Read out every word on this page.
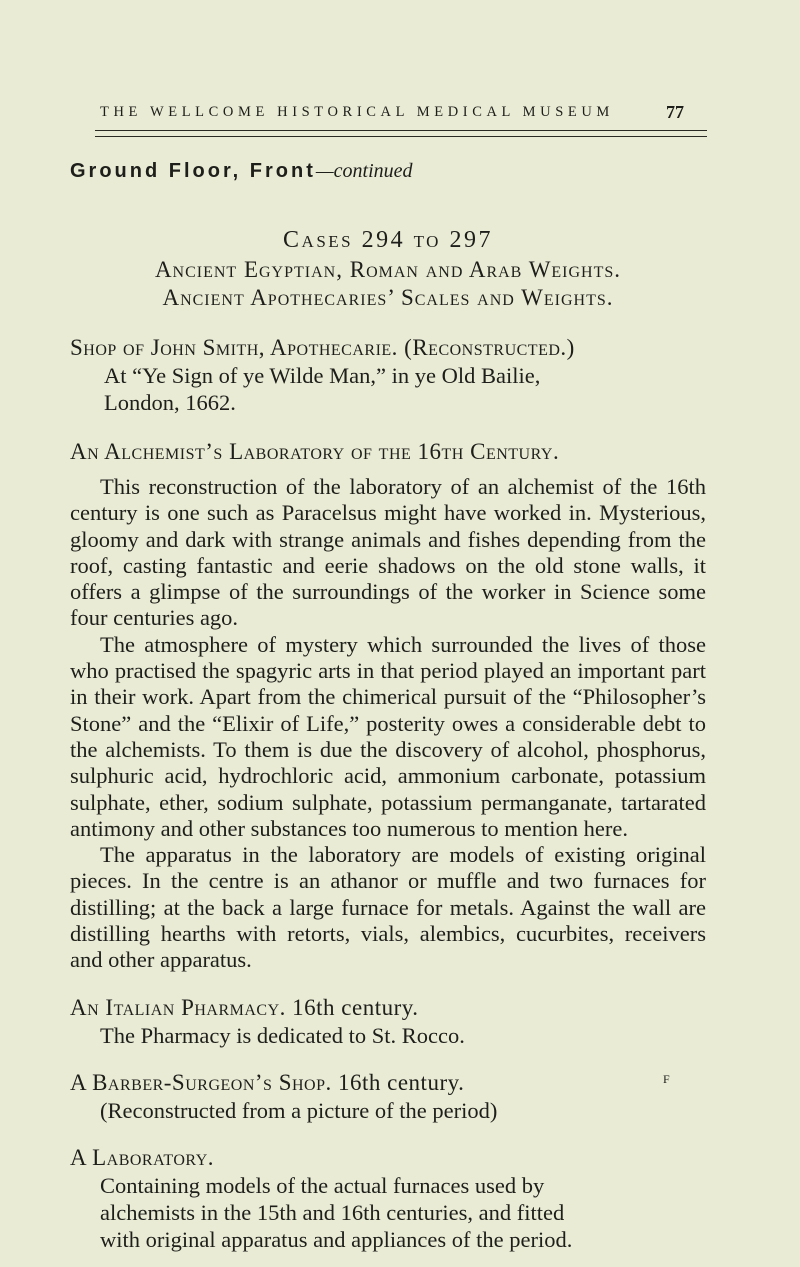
THE WELLCOME HISTORICAL MEDICAL MUSEUM	77
Ground Floor, Front—continued
Cases 294 to 297
Ancient Egyptian, Roman and Arab Weights.
Ancient Apothecaries’ Scales and Weights.
Shop of John Smith, Apothecarie. (Reconstructed.)
At “Ye Sign of ye Wilde Man,” in ye Old Bailie,
London, 1662.
An Alchemist’s Laboratory of the 16th Century.

This reconstruction of the laboratory of an alchemist of the 16th century is one such as Paracelsus might have worked in. Mysterious, gloomy and dark with strange animals and fishes depending from the roof, casting fantastic and eerie shadows on the old stone walls, it offers a glimpse of the surroundings of the worker in Science some four centuries ago.

The atmosphere of mystery which surrounded the lives of those who practised the spagyric arts in that period played an important part in their work. Apart from the chimerical pursuit of the “Philosopher’s Stone” and the “Elixir of Life,” posterity owes a considerable debt to the alchemists. To them is due the discovery of alcohol, phosphorus, sulphuric acid, hydrochloric acid, ammonium carbonate, potassium sulphate, ether, sodium sulphate, potassium permanganate, tartarated antimony and other substances too numerous to mention here.

The apparatus in the laboratory are models of existing original pieces. In the centre is an athanor or muffle and two furnaces for distilling; at the back a large furnace for metals. Against the wall are distilling hearths with retorts, vials, alembics, cucurbites, receivers and other apparatus.

An Italian Pharmacy. 16th century.
The Pharmacy is dedicated to St. Rocco.
A Barber-Surgeon’s Shop. 16th century.
(Reconstructed from a picture of the period)
A Laboratory.
Containing models of the actual furnaces used by
alchemists in the 15th and 16th centuries, and fitted
with original apparatus and appliances of the period.
F
